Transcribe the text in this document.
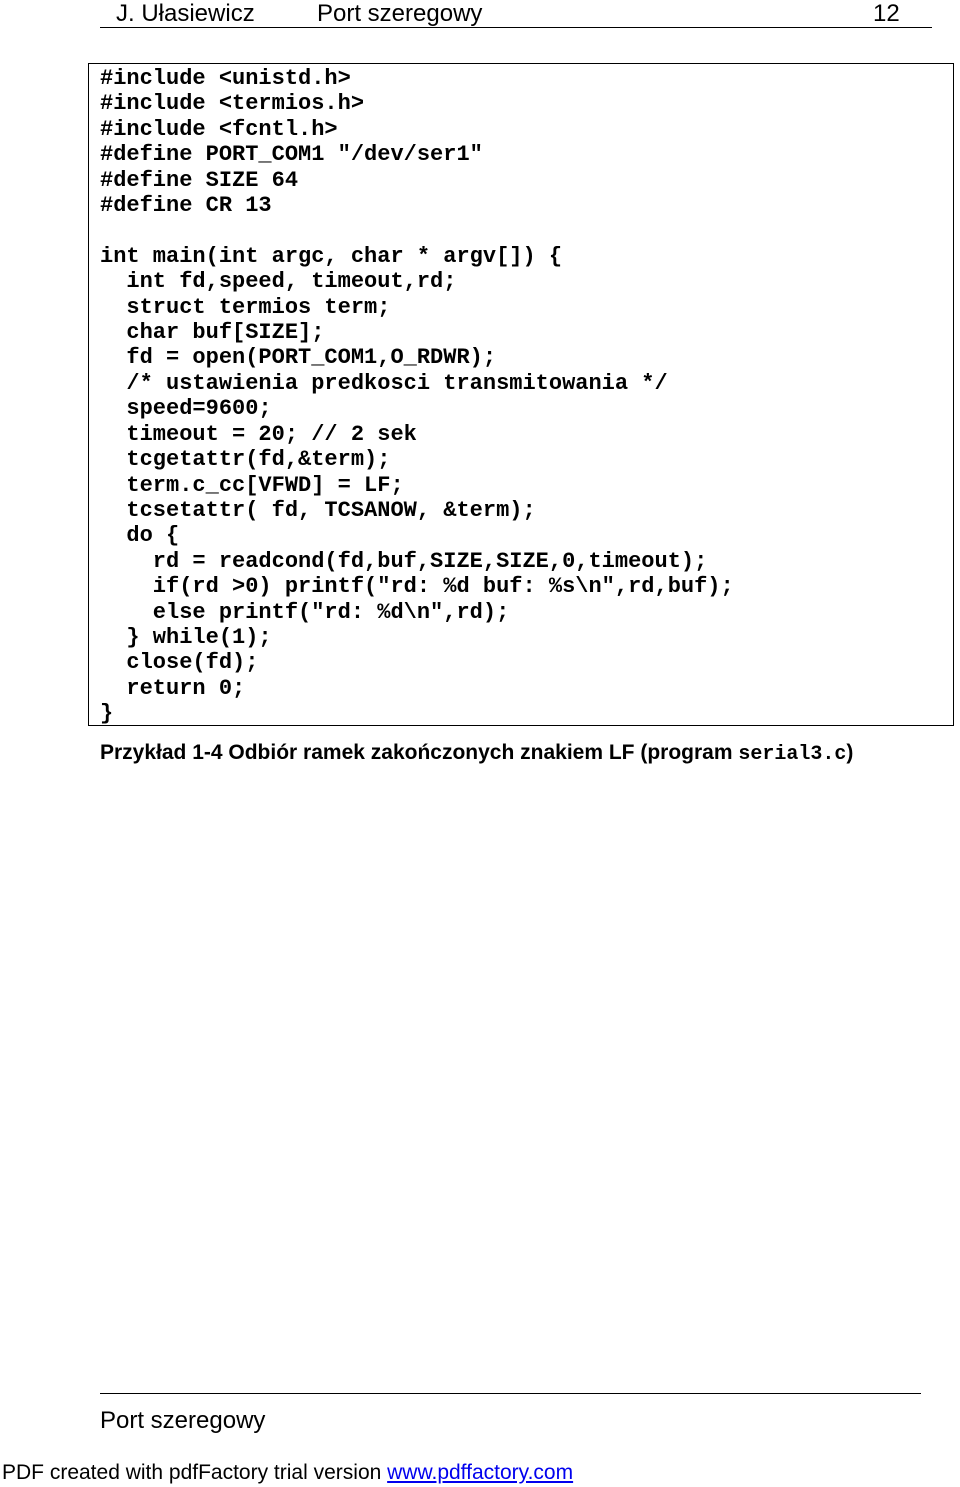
J. Ułasiewicz	Port szeregowy	12
#include <unistd.h>
#include <termios.h>
#include <fcntl.h>
#define PORT_COM1 "/dev/ser1"
#define SIZE 64
#define CR 13

int main(int argc, char * argv[]) {
int fd,speed, timeout,rd;
struct termios term;
char buf[SIZE];
fd = open(PORT_COM1,O_RDWR);
/* ustawienia predkosci transmitowania */
speed=9600;
timeout = 20; // 2 sek
tcgetattr(fd,&term);
term.c_cc[VFWD] = LF;
tcsetattr( fd, TCSANOW, &term);
do {
rd = readcond(fd,buf,SIZE,SIZE,0,timeout);
if(rd >0) printf("rd: %d buf: %s\n",rd,buf);
else printf("rd: %d\n",rd);
} while(1);
close(fd);
return 0;
}
Przykład 1-4 Odbiór ramek zakończonych znakiem LF (program serial3.c)
Port szeregowy
PDF created with pdfFactory trial version www.pdffactory.com
